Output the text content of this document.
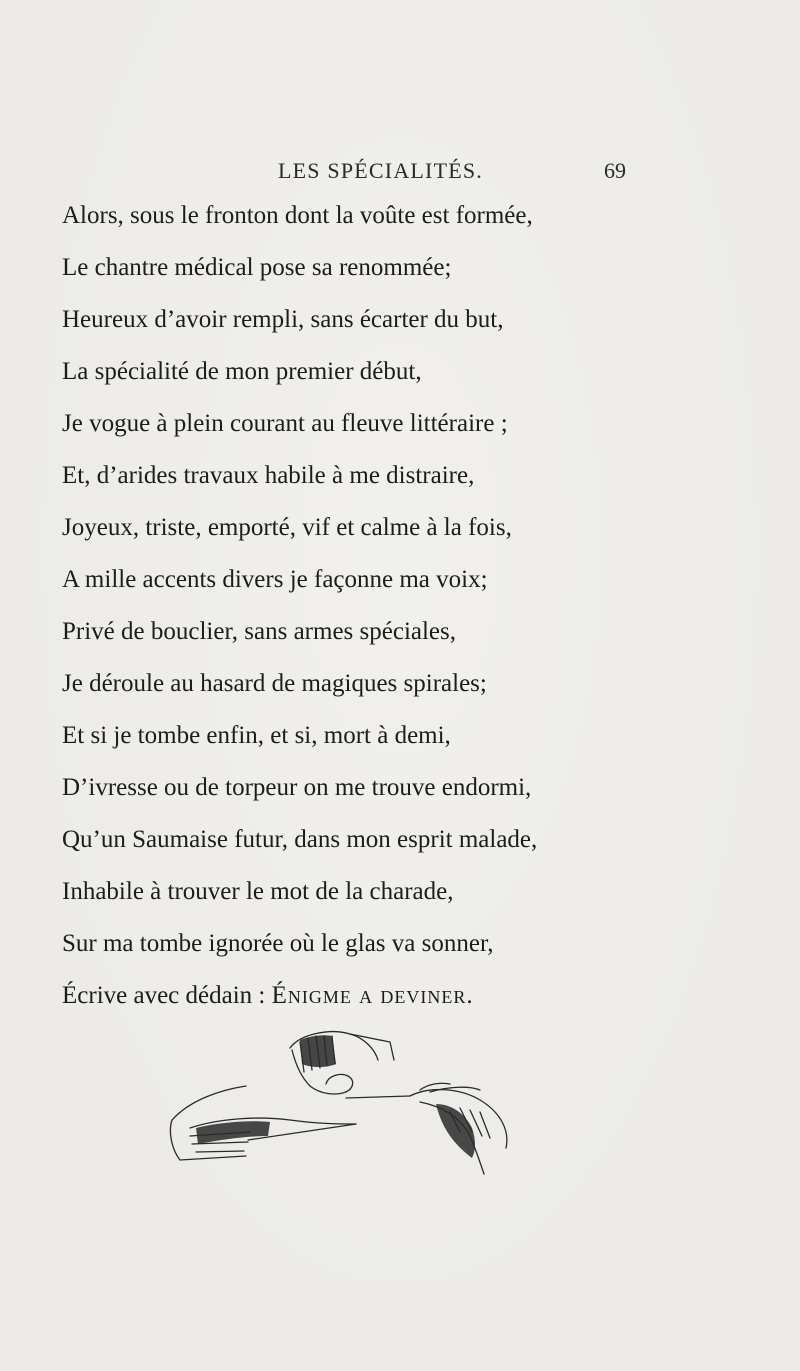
LES SPÉCIALITÉS.	69
Alors, sous le fronton dont la voûte est formée,
Le chantre médical pose sa renommée;
Heureux d’avoir rempli, sans écarter du but,
La spécialité de mon premier début,
Je vogue à plein courant au fleuve littéraire ;
Et, d’arides travaux habile à me distraire,
Joyeux, triste, emporté, vif et calme à la fois,
A mille accents divers je façonne ma voix;
Privé de bouclier, sans armes spéciales,
Je déroule au hasard de magiques spirales;
Et si je tombe enfin, et si, mort à demi,
D’ivresse ou de torpeur on me trouve endormi,
Qu’un Saumaise futur, dans mon esprit malade,
Inhabile à trouver le mot de la charade,
Sur ma tombe ignorée où le glas va sonner,
Écrive avec dédain : Énigme a deviner.
